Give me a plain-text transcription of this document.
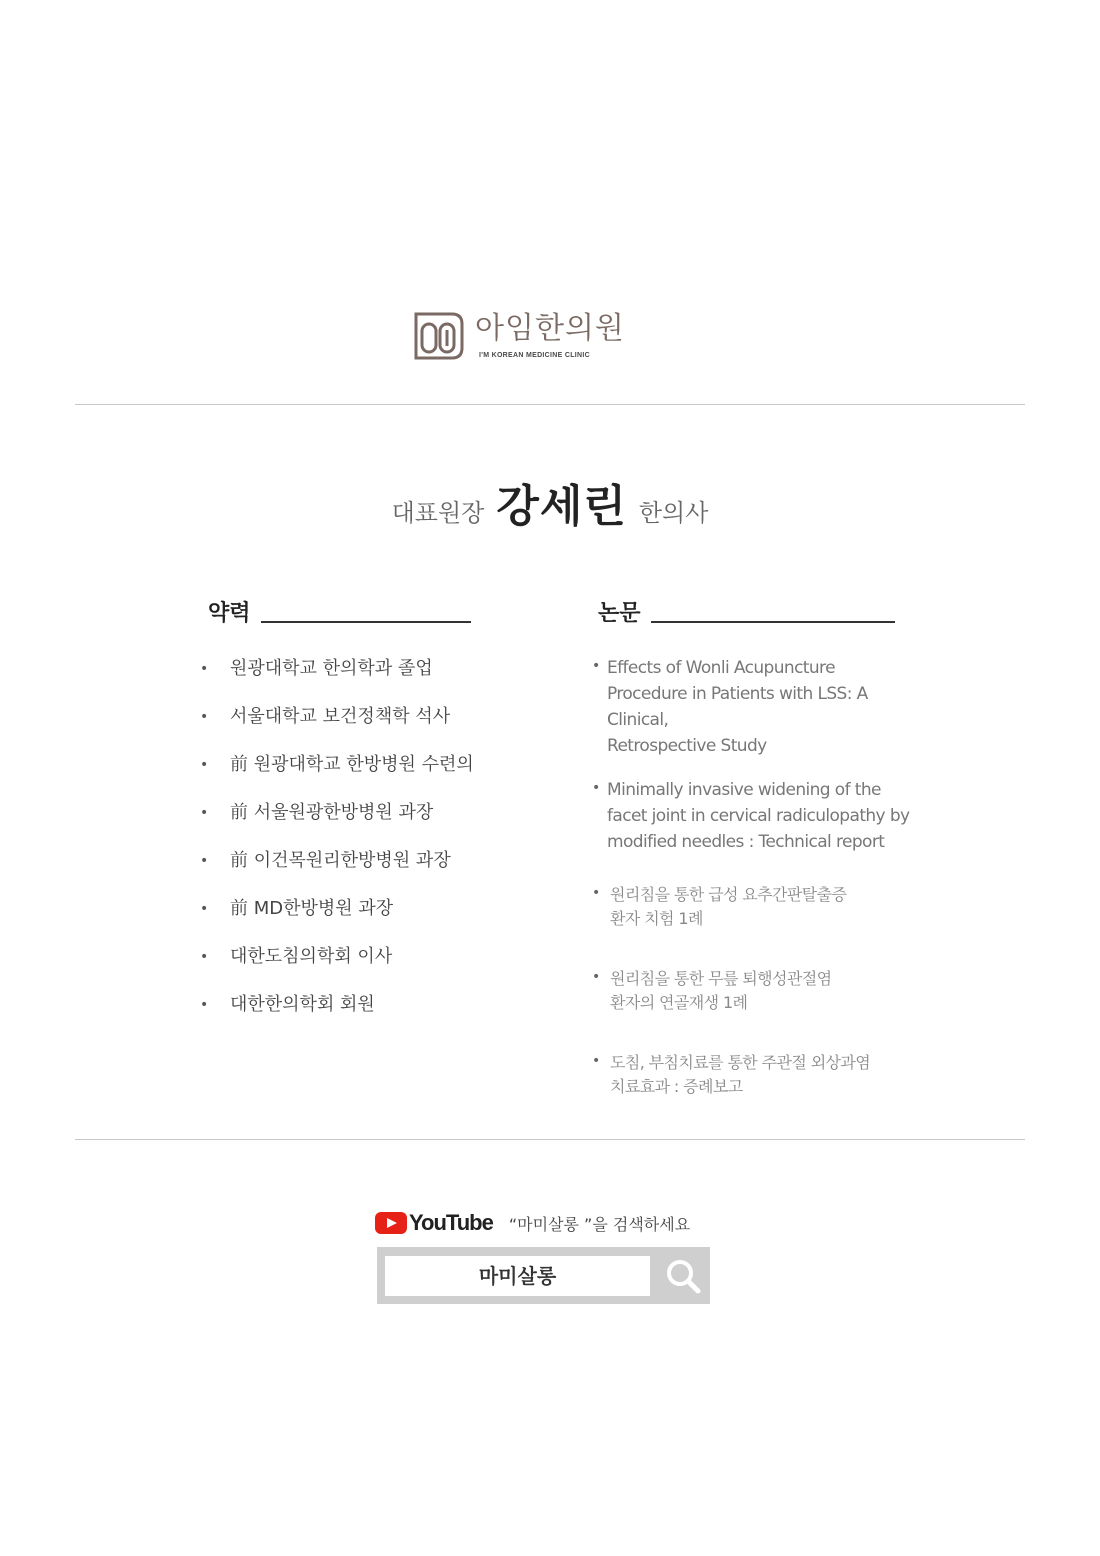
아임한의원
I'M KOREAN MEDICINE CLINIC
대표원장 강세린 한의사
약력
• 원광대학교 한의학과 졸업
• 서울대학교 보건정책학 석사
• 前 원광대학교 한방병원 수련의
• 前 서울원광한방병원 과장
• 前 이건목원리한방병원 과장
• 前 MD한방병원 과장
• 대한도침의학회 이사
• 대한한의학회 회원
논문
• Effects of Wonli Acupuncture
Procedure in Patients with LSS: A Clinical,
Retrospective Study
• Minimally invasive widening of the
facet joint in cervical radiculopathy by
modified needles : Technical report
• 원리침을 통한 급성 요추간판탈출증
환자 치험 1례
• 원리침을 통한 무릎 퇴행성관절염
환자의 연골재생 1례
• 도침, 부침치료를 통한 주관절 외상과염
치료효과 : 증례보고
YouTube “마미살롱 ”을 검색하세요
마미살롱
